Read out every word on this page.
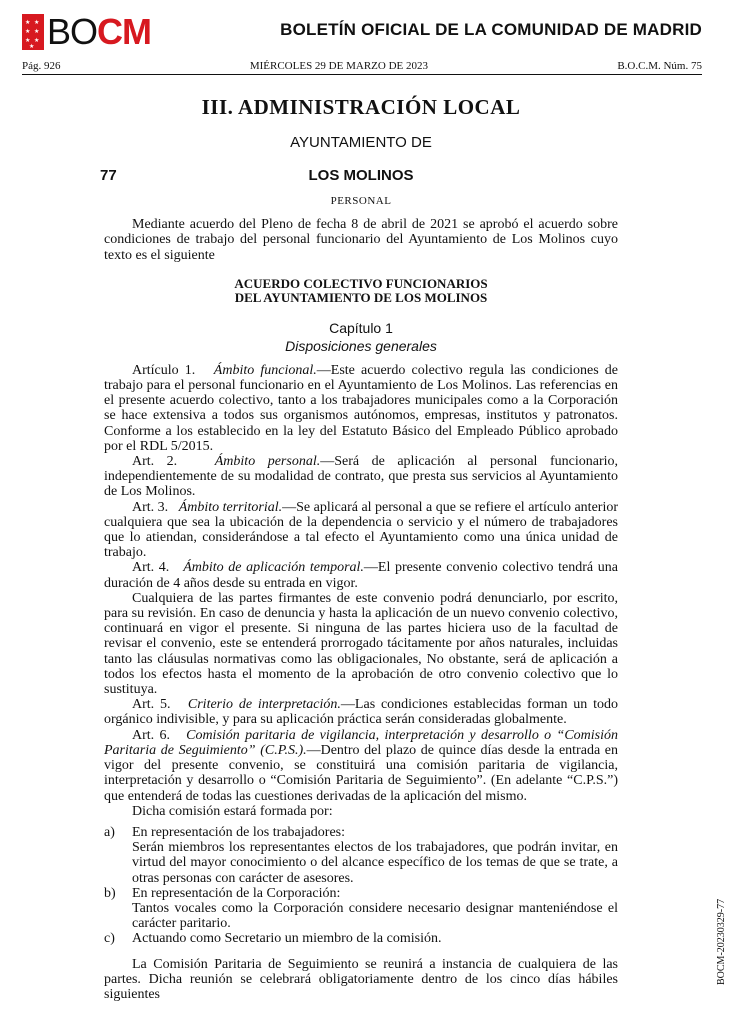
★ ★
★ ★
★ ★
★ BOCM	BOLETÍN OFICIAL DE LA COMUNIDAD DE MADRID
Pág. 926	MIÉRCOLES 29 DE MARZO DE 2023	B.O.C.M. Núm. 75
III. ADMINISTRACIÓN LOCAL
AYUNTAMIENTO DE
77	LOS MOLINOS
PERSONAL

Mediante acuerdo del Pleno de fecha 8 de abril de 2021 se aprobó el acuerdo sobre condiciones de trabajo del personal funcionario del Ayuntamiento de Los Molinos cuyo texto es el siguiente

ACUERDO COLECTIVO FUNCIONARIOS
DEL AYUNTAMIENTO DE LOS MOLINOS
Capítulo 1
Disposiciones generales

Artículo 1. Ámbito funcional.—Este acuerdo colectivo regula las condiciones de trabajo para el personal funcionario en el Ayuntamiento de Los Molinos. Las referencias en el presente acuerdo colectivo, tanto a los trabajadores municipales como a la Corporación se hace extensiva a todos sus organismos autónomos, empresas, institutos y patronatos. Conforme a los establecido en la ley del Estatuto Básico del Empleado Público aprobado por el RDL 5/2015.

Art. 2.	Ámbito personal.—Será de aplicación al personal funcionario, independientemente de su modalidad de contrato, que presta sus servicios al Ayuntamiento de Los Molinos.

Art. 3. Ámbito territorial.—Se aplicará al personal a que se refiere el artículo anterior cualquiera que sea la ubicación de la dependencia o servicio y el número de trabajadores que lo atiendan, considerándose a tal efecto el Ayuntamiento como una única unidad de trabajo.

Art. 4. Ámbito de aplicación temporal.—El presente convenio colectivo tendrá una duración de 4 años desde su entrada en vigor.

Cualquiera de las partes firmantes de este convenio podrá denunciarlo, por escrito, para su revisión. En caso de denuncia y hasta la aplicación de un nuevo convenio colectivo, continuará en vigor el presente. Si ninguna de las partes hiciera uso de la facultad de revisar el convenio, este se entenderá prorrogado tácitamente por años naturales, incluidas tanto las cláusulas normativas como las obligacionales, No obstante, será de aplicación a todos los efectos hasta el momento de la aprobación de otro convenio colectivo que lo sustituya.

Art. 5. Criterio de interpretación.—Las condiciones establecidas forman un todo orgánico indivisible, y para su aplicación práctica serán consideradas globalmente.

Art. 6. Comisión paritaria de vigilancia, interpretación y desarrollo o “Comisión Paritaria de Seguimiento” (C.P.S.).—Dentro del plazo de quince días desde la entrada en vigor del presente convenio, se constituirá una comisión paritaria de vigilancia, interpretación y desarrollo o “Comisión Paritaria de Seguimiento”. (En adelante “C.P.S.”) que entenderá de todas las cuestiones derivadas de la aplicación del mismo.

Dicha comisión estará formada por:

a) En representación de los trabajadores:

Serán miembros los representantes electos de los trabajadores, que podrán invitar, en virtud del mayor conocimiento o del alcance específico de los temas de que se trate, a otras personas con carácter de asesores.

b) En representación de la Corporación:

Tantos vocales como la Corporación considere necesario designar manteniéndose el carácter paritario.

c) Actuando como Secretario un miembro de la comisión.

La Comisión Paritaria de Seguimiento se reunirá a instancia de cualquiera de las partes. Dicha reunión se celebrará obligatoriamente dentro de los cinco días hábiles siguientes

BOCM-20230329-77
